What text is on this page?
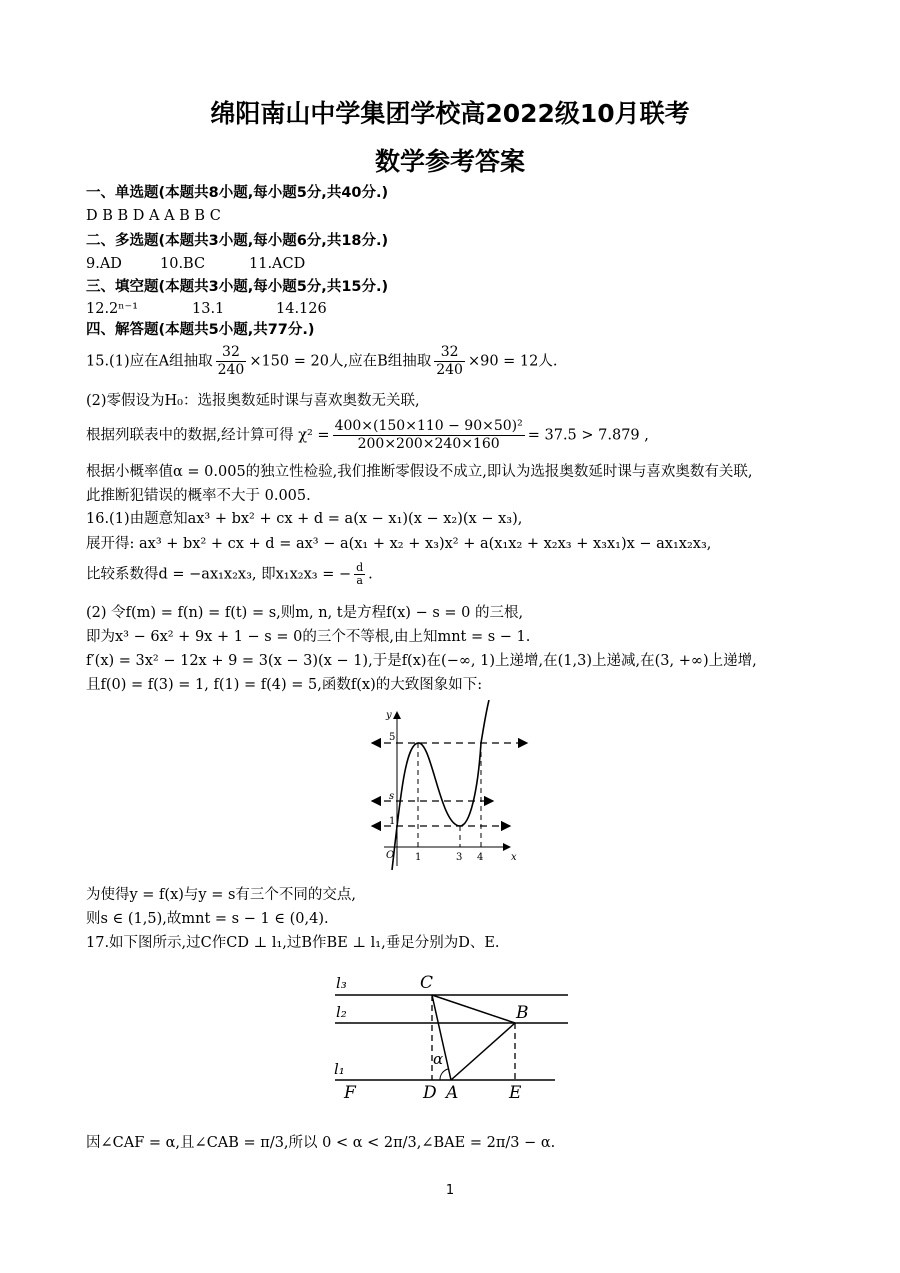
绵阳南山中学集团学校高2022级10月联考
数学参考答案
一、单选题(本题共8小题,每小题5分,共40分.)
D B B D A A B B C
二、多选题(本题共3小题,每小题6分,共18分.)
9.AD	10.BC	11.ACD
三、填空题(本题共3小题,每小题5分,共15分.)
12.2ⁿ⁻¹	13.1	14.126
四、解答题(本题共5小题,共77分.)
15.(1)应在A组抽取 $\frac{32}{240} \times 150 = 20$人,应在B组抽取 $\frac{32}{240} \times 90 = 12$人.
(2)零假设为H₀：选报奥数延时课与喜欢奥数无关联,
根据列联表中的数据,经计算可得 $\chi^2 = \frac{\text{400×(150×110 − 90×50)²}}{200\times 200\times 240\times 160} = 37.5 > 7.879$ ,
根据小概率值α = 0.005的独立性检验,我们推断零假设不成立,即认为选报奥数延时课与喜欢奥数有关联,
此推断犯错误的概率不大于 0.005.
16.(1)由题意知ax³ + bx² + cx + d = a(x − x₁)(x − x₂)(x − x₃),
展开得: ax³ + bx² + cx + d = ax³ − a(x₁ + x₂ + x₃)x² + a(x₁x₂ + x₂x₃ + x₃x₁)x − ax₁x₂x₃,
比较系数得d = −ax₁x₂x₃, 即x₁x₂x₃ = − $\frac{d}{a}$ .
(2) 令f(m) = f(n) = f(t) = s,则m, n, t是方程f(x) − s = 0 的三根,
即为x³ − 6x² + 9x + 1 − s = 0的三个不等根,由上知mnt = s − 1.
f′(x) = 3x² − 12x + 9 = 3(x − 3)(x − 1),于是f(x)在(−∞, 1)上递增,在(1,3)上递减,在(3, +∞)上递增,
且f(0) = f(3) = 1, f(1) = f(4) = 5,函数f(x)的大致图象如下:
y
x
O
5
s
1
1	3 4
为使得y = f(x)与y = s有三个不同的交点,
则s ∈ (1,5),故mnt = s − 1 ∈ (0,4).
17.如下图所示,过C作CD ⊥ l₁,过B作BE ⊥ l₁,垂足分别为D、E.
l₃
l₂
l₁
C
B
F	D A	E
α
因∠CAF = α,且∠CAB = π/3,所以 0 < α < 2π/3,∠BAE = 2π/3 − α.
1
